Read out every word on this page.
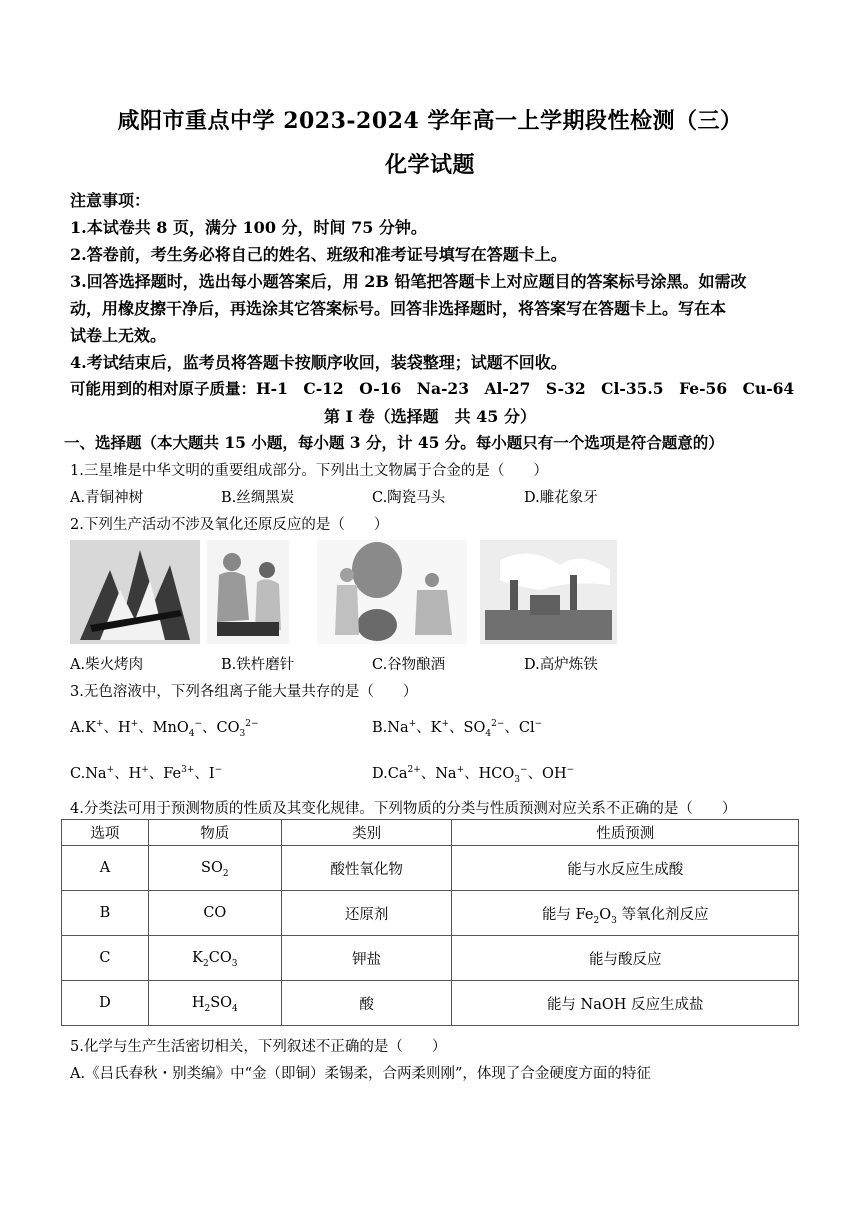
咸阳市重点中学 2023-2024 学年高一上学期段性检测（三）
化学试题
注意事项：
1.本试卷共 8 页，满分 100 分，时间 75 分钟。
2.答卷前，考生务必将自己的姓名、班级和准考证号填写在答题卡上。
3.回答选择题时，选出每小题答案后，用 2B 铅笔把答题卡上对应题目的答案标号涂黑。如需改
动，用橡皮擦干净后，再选涂其它答案标号。回答非选择题时，将答案写在答题卡上。写在本
试卷上无效。
4.考试结束后，监考员将答题卡按顺序收回，装袋整理；试题不回收。
可能用到的相对原子质量：H-1　C-12　O-16　Na-23　Al-27　S-32　Cl-35.5　Fe-56　Cu-64
第 I 卷（选择题　共 45 分）
一、选择题（本大题共 15 小题，每小题 3 分，计 45 分。每小题只有一个选项是符合题意的）
1.三星堆是中华文明的重要组成部分。下列出土文物属于合金的是（　　）
A.青铜神树	B.丝绸黑炭	C.陶瓷马头	D.雕花象牙
2.下列生产活动不涉及氧化还原反应的是（　　）
A.柴火烤肉	B.铁杵磨针	C.谷物酿酒	D.高炉炼铁
3.无色溶液中，下列各组离子能大量共存的是（　　）
A.K+、H+、MnO$_4$−、$CO_3^{2-}$	B.Na+、K+、$SO_4^{2-}$、Cl−
C.Na+、H+、$Fe^{3+}$、I−	$D.Ca^{2+}$、Na+、$HCO_3^-$、OH−
4.分类法可用于预测物质的性质及其变化规律。下列物质的分类与性质预测对应关系不正确的是（　　）
选项	物质	类别	性质预测
A	$SO_2$	酸性氧化物	能与水反应生成酸
B	CO	还原剂	能与 $Fe_2O_3$ 等氧化剂反应
C	$K_2CO_3$	钾盐	能与酸反应
D	$H_2SO_4$	酸	能与 NaOH 反应生成盐
5.化学与生产生活密切相关，下列叙述不正确的是（　　）
A.《吕氏春秋・别类编》中“金（即铜）柔锡柔，合两柔则刚”，体现了合金硬度方面的特征
